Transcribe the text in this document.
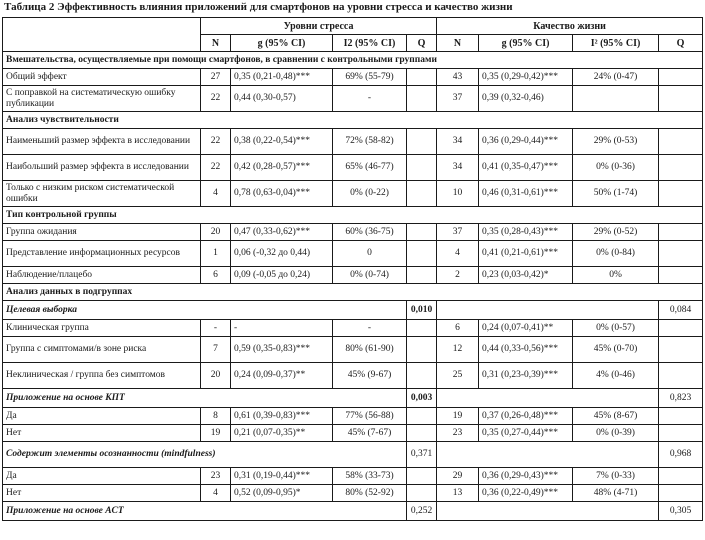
Таблица 2 Эффективность влияния приложений для смартфонов на уровни стресса и качество жизни
	Уровни стресса				Качество жизни			
	N	g (95% CI)	I2 (95% CI)	Q	N	g (95% CI)	I² (95% CI)	Q
Вмешательства, осуществляемые при помощи смартфонов, в сравнении с контрольными группами								
Общий эффект	27	0,35 (0,21-0,48)***	69% (55-79)		43	0,35 (0,29-0,42)***	24% (0-47)	
С поправкой на систематическую ошибку публикации	22	0,44 (0,30-0,57)	-		37	0,39 (0,32-0,46)		
Анализ чувствительности								
Наименьший размер эффекта в исследовании	22	0,38 (0,22-0,54)***	72% (58-82)		34	0,36 (0,29-0,44)***	29% (0-53)	
Наибольший размер эффекта в исследовании	22	0,42 (0,28-0,57)***	65% (46-77)		34	0,41 (0,35-0,47)***	0% (0-36)	
Только с низким риском систематической ошибки	4	0,78 (0,63-0,04)***	0% (0-22)		10	0,46 (0,31-0,61)***	50% (1-74)	
Тип контрольной группы								
Группа ожидания	20	0,47 (0,33-0,62)***	60% (36-75)		37	0,35 (0,28-0,43)***	29% (0-52)	
Представление информационных ресурсов	1	0,06 (-0,32 до 0,44)	0		4	0,41 (0,21-0,61)***	0% (0-84)	
Наблюдение/плацебо	6	0,09 (-0,05 до 0,24)	0% (0-74)		2	0,23 (0,03-0,42)*	0%	
Анализ данных в подгруппах								
Целевая выборка				0,010				0,084
Клиническая группа	-	-	-		6	0,24 (0,07-0,41)**	0% (0-57)	
Группа с симптомами/в зоне риска	7	0,59 (0,35-0,83)***	80% (61-90)		12	0,44 (0,33-0,56)***	45% (0-70)	
Неклиническая / группа без симптомов	20	0,24 (0,09-0,37)**	45% (9-67)		25	0,31 (0,23-0,39)***	4% (0-46)	
Приложение на основе КПТ				0,003				0,823
Да	8	0,61 (0,39-0,83)***	77% (56-88)		19	0,37 (0,26-0,48)***	45% (8-67)	
Нет	19	0,21 (0,07-0,35)**	45% (7-67)		23	0,35 (0,27-0,44)***	0% (0-39)	
Содержит элементы осознанности (mindfulness)				0,371				0,968
Да	23	0,31 (0,19-0,44)***	58% (33-73)		29	0,36 (0,29-0,43)***	7% (0-33)	
Нет	4	0,52 (0,09-0,95)*	80% (52-92)		13	0,36 (0,22-0,49)***	48% (4-71)	
Приложение на основе ACT				0,252				0,305
